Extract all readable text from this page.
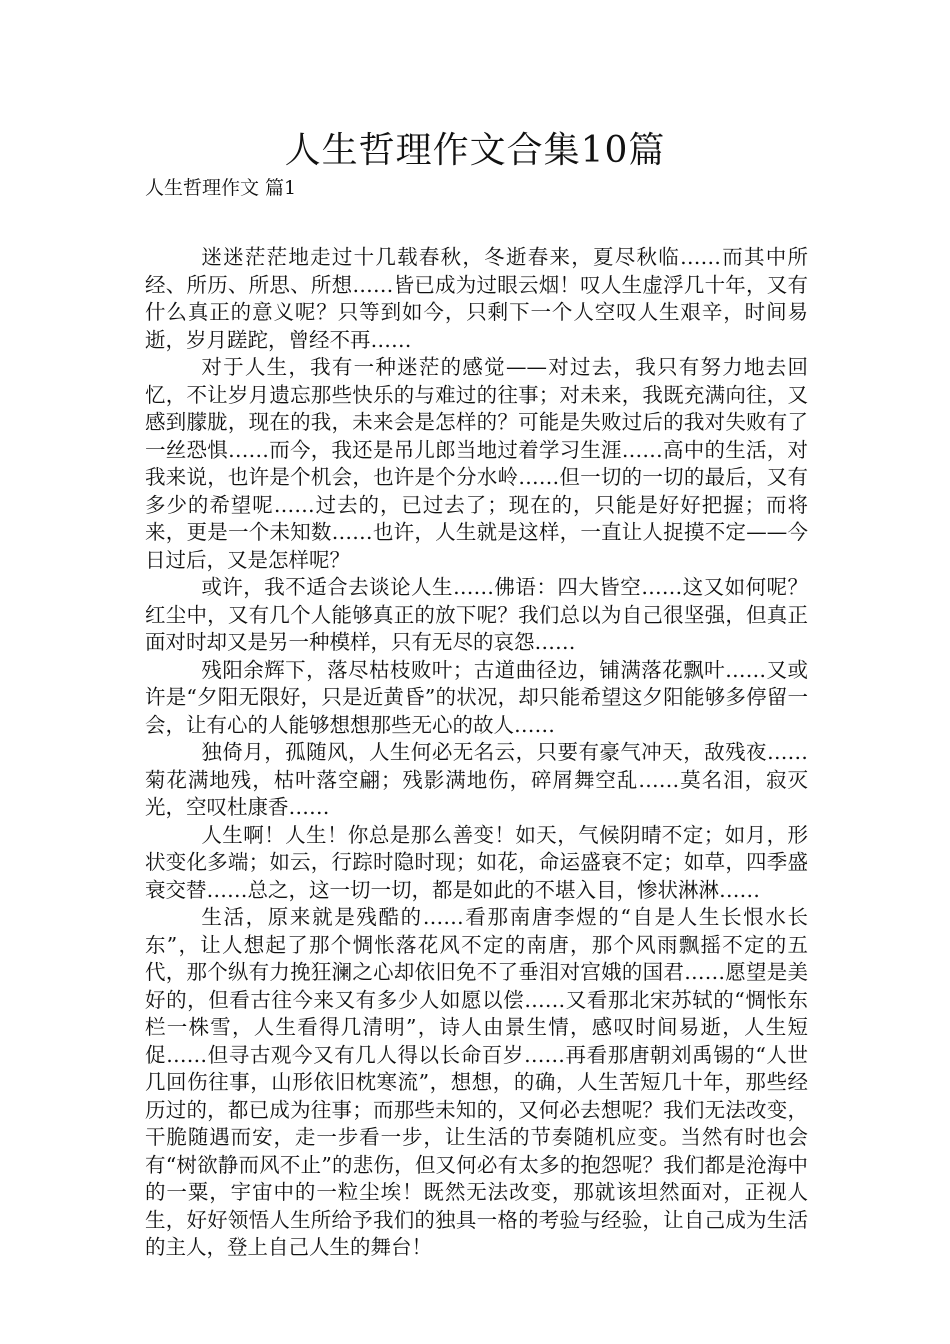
人生哲理作文合集10篇
人生哲理作文 篇1

迷迷茫茫地走过十几载春秋，冬逝春来，夏尽秋临……而其中所经、所历、所思、所想……皆已成为过眼云烟！叹人生虚浮几十年，又有什么真正的意义呢？只等到如今，只剩下一个人空叹人生艰辛，时间易逝，岁月蹉跎，曾经不再……

对于人生，我有一种迷茫的感觉——对过去，我只有努力地去回忆，不让岁月遗忘那些快乐的与难过的往事；对未来，我既充满向往，又感到朦胧，现在的我，未来会是怎样的？可能是失败过后的我对失败有了一丝恐惧……而今，我还是吊儿郎当地过着学习生涯……高中的生活，对我来说，也许是个机会，也许是个分水岭……但一切的一切的最后，又有多少的希望呢……过去的，已过去了；现在的，只能是好好把握；而将来，更是一个未知数……也许，人生就是这样，一直让人捉摸不定——今日过后，又是怎样呢？

或许，我不适合去谈论人生……佛语：四大皆空……这又如何呢？红尘中，又有几个人能够真正的放下呢？我们总以为自己很坚强，但真正面对时却又是另一种模样，只有无尽的哀怨……

残阳余辉下，落尽枯枝败叶；古道曲径边，铺满落花飘叶……又或许是“夕阳无限好，只是近黄昏”的状况，却只能希望这夕阳能够多停留一会，让有心的人能够想想那些无心的故人……

独倚月，孤随风，人生何必无名云，只要有豪气冲天，敌残夜……菊花满地残，枯叶落空翩；残影满地伤，碎屑舞空乱……莫名泪，寂灭光，空叹杜康香……

人生啊！人生！你总是那么善变！如天，气候阴晴不定；如月，形状变化多端；如云，行踪时隐时现；如花，命运盛衰不定；如草，四季盛衰交替……总之，这一切一切，都是如此的不堪入目，惨状淋淋……

生活，原来就是残酷的……看那南唐李煜的“自是人生长恨水长东”，让人想起了那个惆怅落花风不定的南唐，那个风雨飘摇不定的五代，那个纵有力挽狂澜之心却依旧免不了垂泪对宫娥的国君……愿望是美好的，但看古往今来又有多少人如愿以偿……又看那北宋苏轼的“惆怅东栏一株雪，人生看得几清明”，诗人由景生情，感叹时间易逝，人生短促……但寻古观今又有几人得以长命百岁……再看那唐朝刘禹锡的“人世几回伤往事，山形依旧枕寒流”，想想，的确，人生苦短几十年，那些经历过的，都已成为往事；而那些未知的，又何必去想呢？我们无法改变，干脆随遇而安，走一步看一步，让生活的节奏随机应变。当然有时也会有“树欲静而风不止”的悲伤，但又何必有太多的抱怨呢？我们都是沧海中的一粟，宇宙中的一粒尘埃！既然无法改变，那就该坦然面对，正视人生，好好领悟人生所给予我们的独具一格的考验与经验，让自己成为生活的主人，登上自己人生的舞台！
